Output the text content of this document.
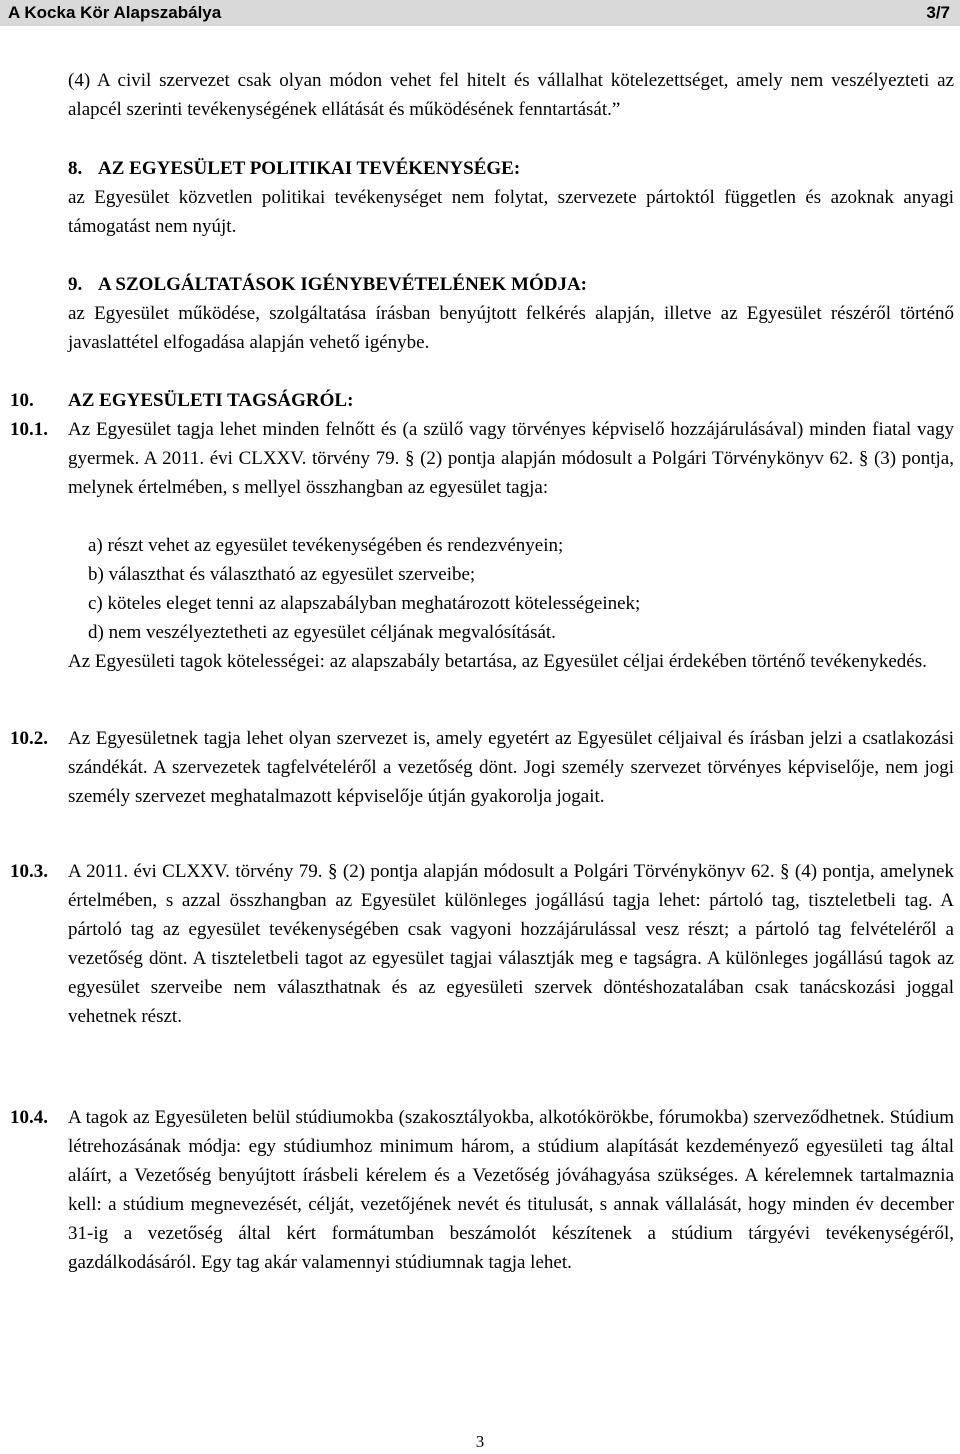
A Kocka Kör Alapszabálya	3/7
(4) A civil szervezet csak olyan módon vehet fel hitelt és vállalhat kötelezettséget, amely nem veszélyezteti az alapcél szerinti tevékenységének ellátását és működésének fenntartását.”
8. AZ EGYESÜLET POLITIKAI TEVÉKENYSÉGE:
az Egyesület közvetlen politikai tevékenységet nem folytat, szervezete pártoktól független és azoknak anyagi támogatást nem nyújt.
9. A SZOLGÁLTATÁSOK IGÉNYBEVÉTELÉNEK MÓDJA:
az Egyesület működése, szolgáltatása írásban benyújtott felkérés alapján, illetve az Egyesület részéről történő javaslattétel elfogadása alapján vehető igénybe.
10. AZ EGYESÜLETI TAGSÁGRÓL:
10.1. Az Egyesület tagja lehet minden felnőtt és (a szülő vagy törvényes képviselő hozzájárulásával) minden fiatal vagy gyermek. A 2011. évi CLXXV. törvény 79. § (2) pontja alapján módosult a Polgári Törvénykönyv 62. § (3) pontja, melynek értelmében, s mellyel összhangban az egyesület tagja:
a) részt vehet az egyesület tevékenységében és rendezvényein;
b) választhat és választható az egyesület szerveibe;
c) köteles eleget tenni az alapszabályban meghatározott kötelességeinek;
d) nem veszélyeztetheti az egyesület céljának megvalósítását.
Az Egyesületi tagok kötelességei: az alapszabály betartása, az Egyesület céljai érdekében történő tevékenykedés.
10.2. Az Egyesületnek tagja lehet olyan szervezet is, amely egyetért az Egyesület céljaival és írásban jelzi a csatlakozási szándékát. A szervezetek tagfelvételéről a vezetőség dönt. Jogi személy szervezet törvényes képviselője, nem jogi személy szervezet meghatalmazott képviselője útján gyakorolja jogait.
10.3. A 2011. évi CLXXV. törvény 79. § (2) pontja alapján módosult a Polgári Törvénykönyv 62. § (4) pontja, amelynek értelmében, s azzal összhangban az Egyesület különleges jogállású tagja lehet: pártoló tag, tiszteletbeli tag. A pártoló tag az egyesület tevékenységében csak vagyoni hozzájárulással vesz részt; a pártoló tag felvételéről a vezetőség dönt. A tiszteletbeli tagot az egyesület tagjai választják meg e tagságra. A különleges jogállású tagok az egyesület szerveibe nem választhatnak és az egyesületi szervek döntéshozatalában csak tanácskozási joggal vehetnek részt.
10.4. A tagok az Egyesületen belül stúdiumokba (szakosztályokba, alkotókörökbe, fórumokba) szerveződhetnek. Stúdium létrehozásának módja: egy stúdiumhoz minimum három, a stúdium alapítását kezdeményező egyesületi tag által aláírt, a Vezetőség benyújtott írásbeli kérelem és a Vezetőség jóváhagyása szükséges. A kérelemnek tartalmaznia kell: a stúdium megnevezését, célját, vezetőjének nevét és titulusát, s annak vállalását, hogy minden év december 31-ig a vezetőség által kért formátumban beszámolót készítenek a stúdium tárgyévi tevékenységéről, gazdálkodásáról. Egy tag akár valamennyi stúdiumnak tagja lehet.
3
